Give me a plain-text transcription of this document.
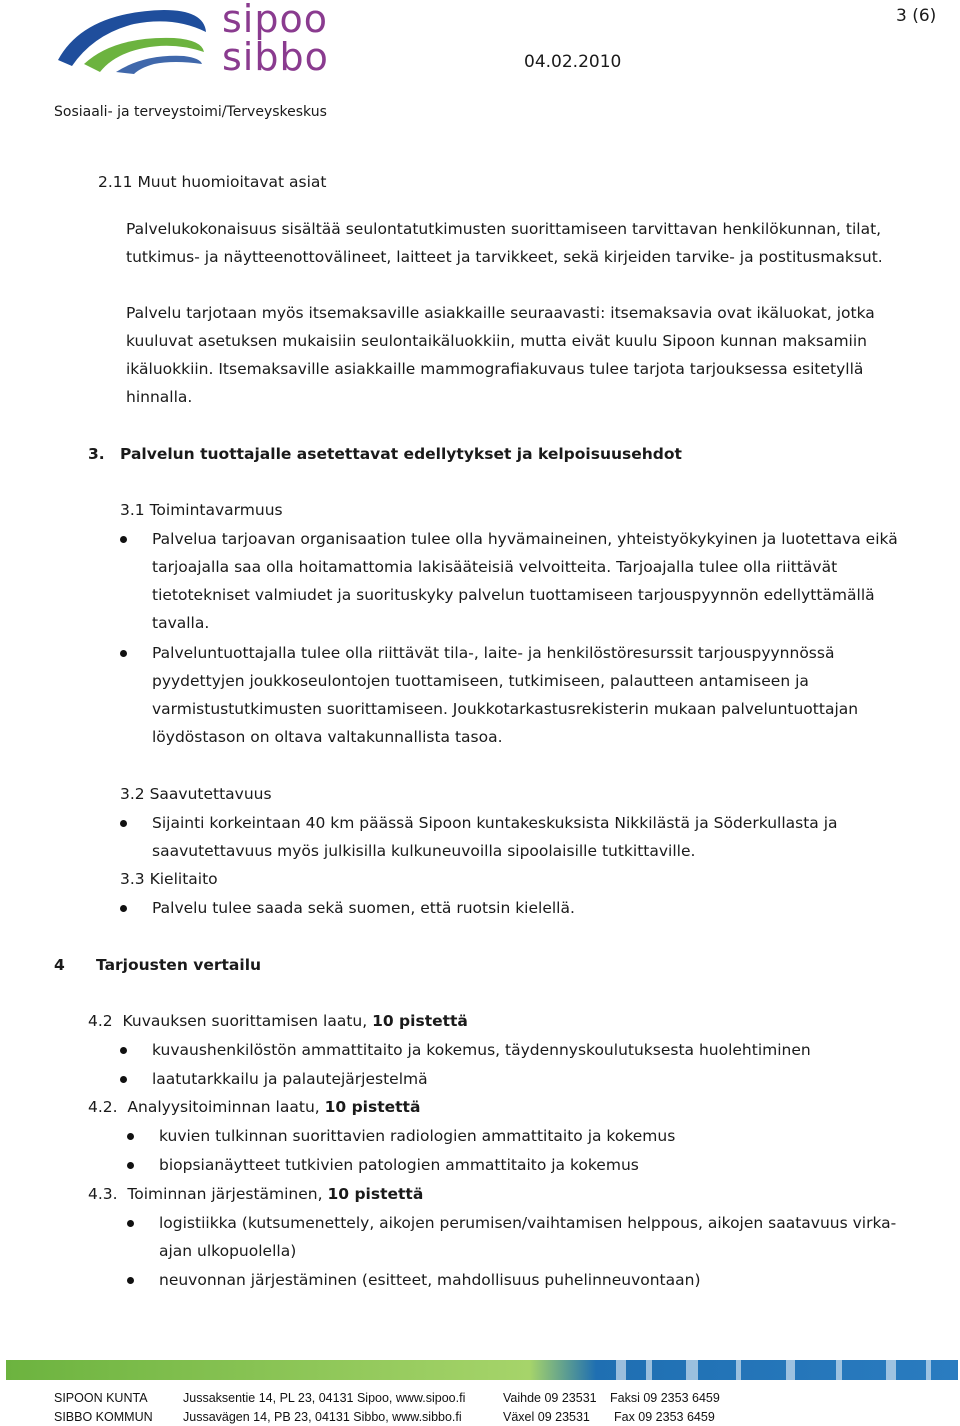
sipoo
sibbo
3 (6)
04.02.2010
Sosiaali- ja terveystoimi/Terveyskeskus
2.11 Muut huomioitavat asiat
Palvelukokonaisuus sisältää seulontatutkimusten suorittamiseen tarvittavan henkilökunnan, tilat,
tutkimus- ja näytteenottovälineet, laitteet ja tarvikkeet, sekä kirjeiden tarvike- ja postitusmaksut.
Palvelu tarjotaan myös itsemaksaville asiakkaille seuraavasti: itsemaksavia ovat ikäluokat, jotka
kuuluvat asetuksen mukaisiin seulontaikäluokkiin, mutta eivät kuulu Sipoon kunnan maksamiin
ikäluokkiin. Itsemaksaville asiakkaille mammografiakuvaus tulee tarjota tarjouksessa esitetyllä
hinnalla.
3. Palvelun tuottajalle asetettavat edellytykset ja kelpoisuusehdot
3.1 Toimintavarmuus
Palvelua tarjoavan organisaation tulee olla hyvämaineinen, yhteistyökykyinen ja luotettava eikä
tarjoajalla saa olla hoitamattomia lakisääteisiä velvoitteita. Tarjoajalla tulee olla riittävät
tietotekniset valmiudet ja suorituskyky palvelun tuottamiseen tarjouspyynnön edellyttämällä
tavalla.
Palveluntuottajalla tulee olla riittävät tila-, laite- ja henkilöstöresurssit tarjouspyynnössä
pyydettyjen joukkoseulontojen tuottamiseen, tutkimiseen, palautteen antamiseen ja
varmistustutkimusten suorittamiseen. Joukkotarkastusrekisterin mukaan palveluntuottajan
löydöstason on oltava valtakunnallista tasoa.
3.2 Saavutettavuus
Sijainti korkeintaan 40 km päässä Sipoon kuntakeskuksista Nikkilästä ja Söderkullasta ja
saavutettavuus myös julkisilla kulkuneuvoilla sipoolaisille tutkittaville.
3.3 Kielitaito
Palvelu tulee saada sekä suomen, että ruotsin kielellä.
4 Tarjousten vertailu
4.2  Kuvauksen suorittamisen laatu, 10 pistettä
kuvaushenkilöstön ammattitaito ja kokemus, täydennyskoulutuksesta huolehtiminen
laatutarkkailu ja palautejärjestelmä
4.2.  Analyysitoiminnan laatu, 10 pistettä
kuvien tulkinnan suorittavien radiologien ammattitaito ja kokemus
biopsianäytteet tutkivien patologien ammattitaito ja kokemus
4.3.  Toiminnan järjestäminen, 10 pistettä
logistiikka (kutsumenettely, aikojen perumisen/vaihtamisen helppous, aikojen saatavuus virka-
ajan ulkopuolella)
neuvonnan järjestäminen (esitteet, mahdollisuus puhelinneuvontaan)
SIPOON KUNTA	Jussaksentie 14, PL 23, 04131 Sipoo, www.sipoo.fi	Vaihde 09 23531 Faksi 09 2353 6459
SIBBO KOMMUN Jussavägen 14, PB 23, 04131 Sibbo, www.sibbo.fi	Växel 09 23531 Fax 09 2353 6459
